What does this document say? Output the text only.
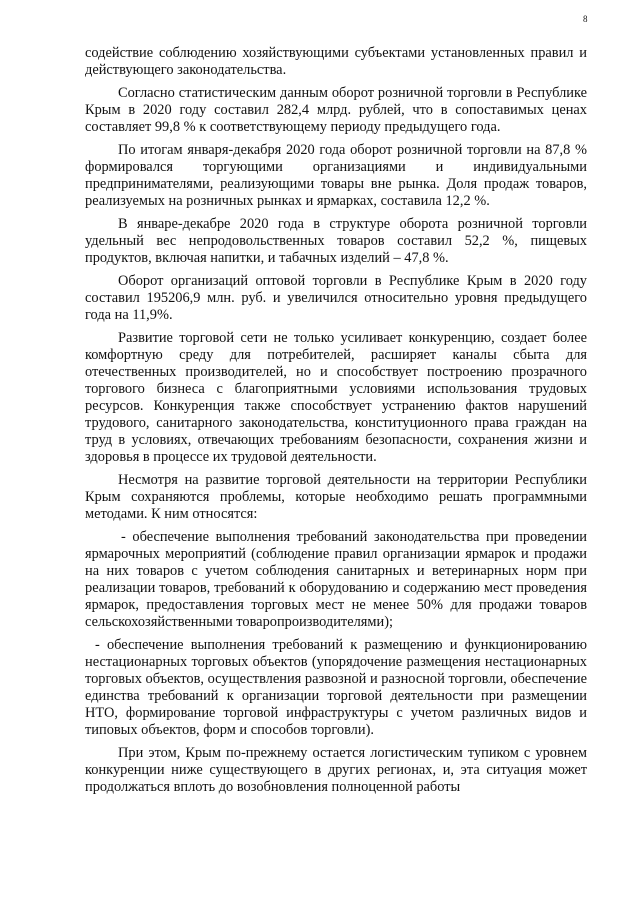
8

содействие соблюдению хозяйствующими субъектами установленных правил и действующего законодательства.

Согласно статистическим данным оборот розничной торговли в Республике Крым в 2020 году составил 282,4 млрд. рублей, что в сопоставимых ценах составляет 99,8 % к соответствующему периоду предыдущего года.

По итогам января-декабря 2020 года оборот розничной торговли на 87,8 % формировался торгующими организациями и индивидуальными предпринимателями, реализующими товары вне рынка. Доля продаж товаров, реализуемых на розничных рынках и ярмарках, составила 12,2 %.

В январе-декабре 2020 года в структуре оборота розничной торговли удельный вес непродовольственных товаров составил 52,2 %, пищевых продуктов, включая напитки, и табачных изделий – 47,8 %.

Оборот организаций оптовой торговли в Республике Крым в 2020 году составил 195206,9 млн. руб. и увеличился относительно уровня предыдущего года на 11,9%.

Развитие торговой сети не только усиливает конкуренцию, создает более комфортную среду для потребителей, расширяет каналы сбыта для отечественных производителей, но и способствует построению прозрачного торгового бизнеса с благоприятными условиями использования трудовых ресурсов. Конкуренция также способствует устранению фактов нарушений трудового, санитарного законодательства, конституционного права граждан на труд в условиях, отвечающих требованиям безопасности, сохранения жизни и здоровья в процессе их трудовой деятельности.

Несмотря на развитие торговой деятельности на территории Республики Крым сохраняются проблемы, которые необходимо решать программными методами. К ним относятся:

- обеспечение выполнения требований законодательства при проведении ярмарочных мероприятий (соблюдение правил организации ярмарок и продажи на них товаров с учетом соблюдения санитарных и ветеринарных норм при реализации товаров, требований к оборудованию и содержанию мест проведения ярмарок, предоставления торговых мест не менее 50% для продажи товаров сельскохозяйственными товаропроизводителями);

- обеспечение выполнения требований к размещению и функционированию нестационарных торговых объектов (упорядочение размещения нестационарных торговых объектов, осуществления развозной и разносной торговли, обеспечение единства требований к организации торговой деятельности при размещении НТО, формирование торговой инфраструктуры с учетом различных видов и типовых объектов, форм и способов торговли).

При этом, Крым по-прежнему остается логистическим тупиком с уровнем конкуренции ниже существующего в других регионах, и, эта ситуация может продолжаться вплоть до возобновления полноценной работы
